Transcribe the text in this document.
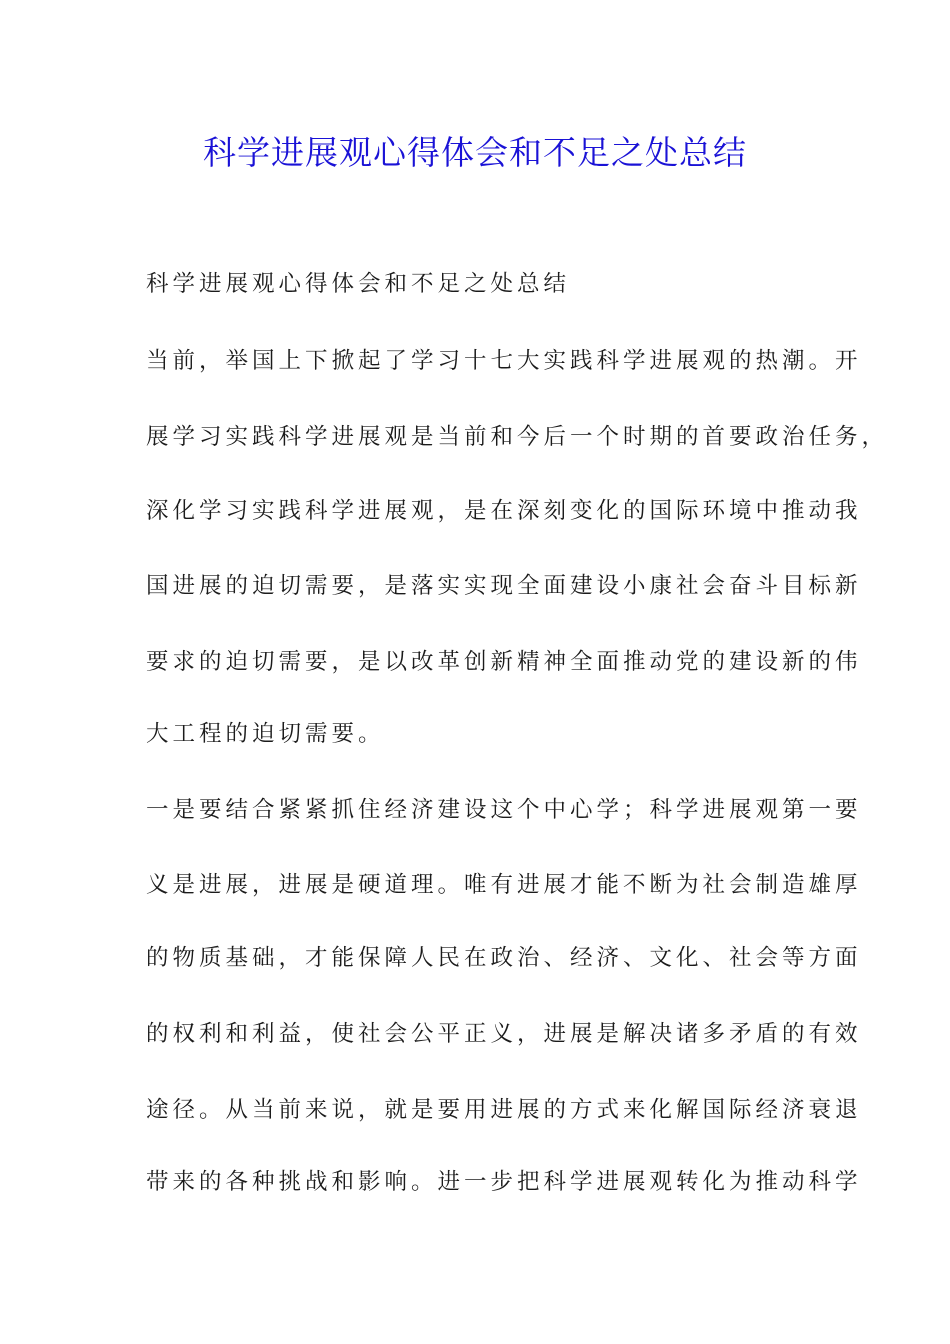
科学进展观心得体会和不足之处总结

科学进展观心得体会和不足之处总结

当前，举国上下掀起了学习十七大实践科学进展观的热潮。开

展学习实践科学进展观是当前和今后一个时期的首要政治任务，

深化学习实践科学进展观，是在深刻变化的国际环境中推动我

国进展的迫切需要，是落实实现全面建设小康社会奋斗目标新

要求的迫切需要，是以改革创新精神全面推动党的建设新的伟

大工程的迫切需要。

一是要结合紧紧抓住经济建设这个中心学；科学进展观第一要

义是进展，进展是硬道理。唯有进展才能不断为社会制造雄厚

的物质基础，才能保障人民在政治、经济、文化、社会等方面

的权利和利益，使社会公平正义，进展是解决诸多矛盾的有效

途径。从当前来说，就是要用进展的方式来化解国际经济衰退

带来的各种挑战和影响。进一步把科学进展观转化为推动科学
